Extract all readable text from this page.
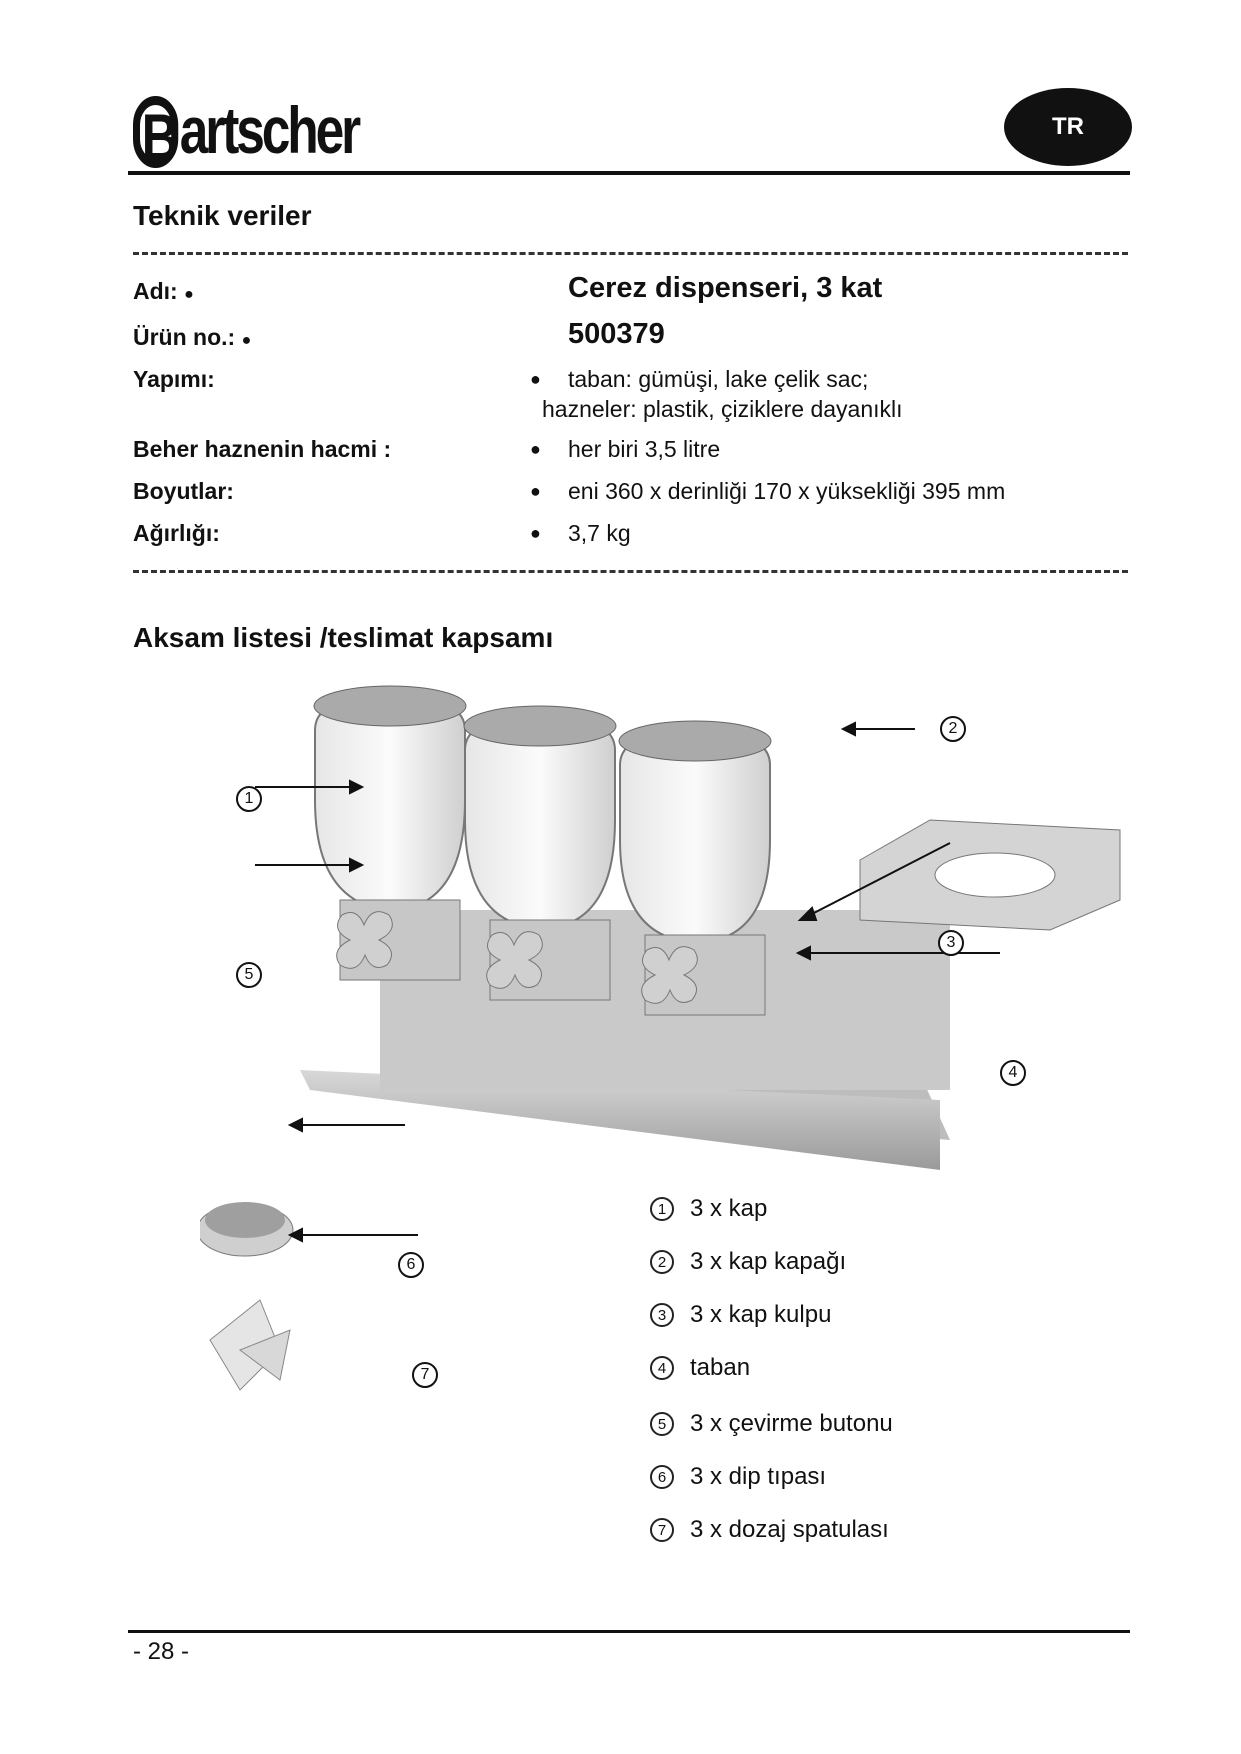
B
artscher	TR
Teknik veriler
Adı: ●	Cerez dispenseri, 3 kat
Ürün no.: ●	500379
Yapımı:	● taban: gümüşi, lake çelik sac;
hazneler: plastik, çiziklere dayanıklı
Beher haznenin hacmi :	● her biri 3,5 litre
Boyutlar:	● eni 360 x derinliği 170 x yüksekliği 395 mm
Ağırlığı:	● 3,7 kg
Aksam listesi /teslimat kapsamı
1
2
3
4
5
6
7
1 3 x kap
2 3 x kap kapağı
3 3 x kap kulpu
4 taban
5 3 x çevirme butonu
6 3 x dip tıpası
7 3 x dozaj spatulası
- 28 -
